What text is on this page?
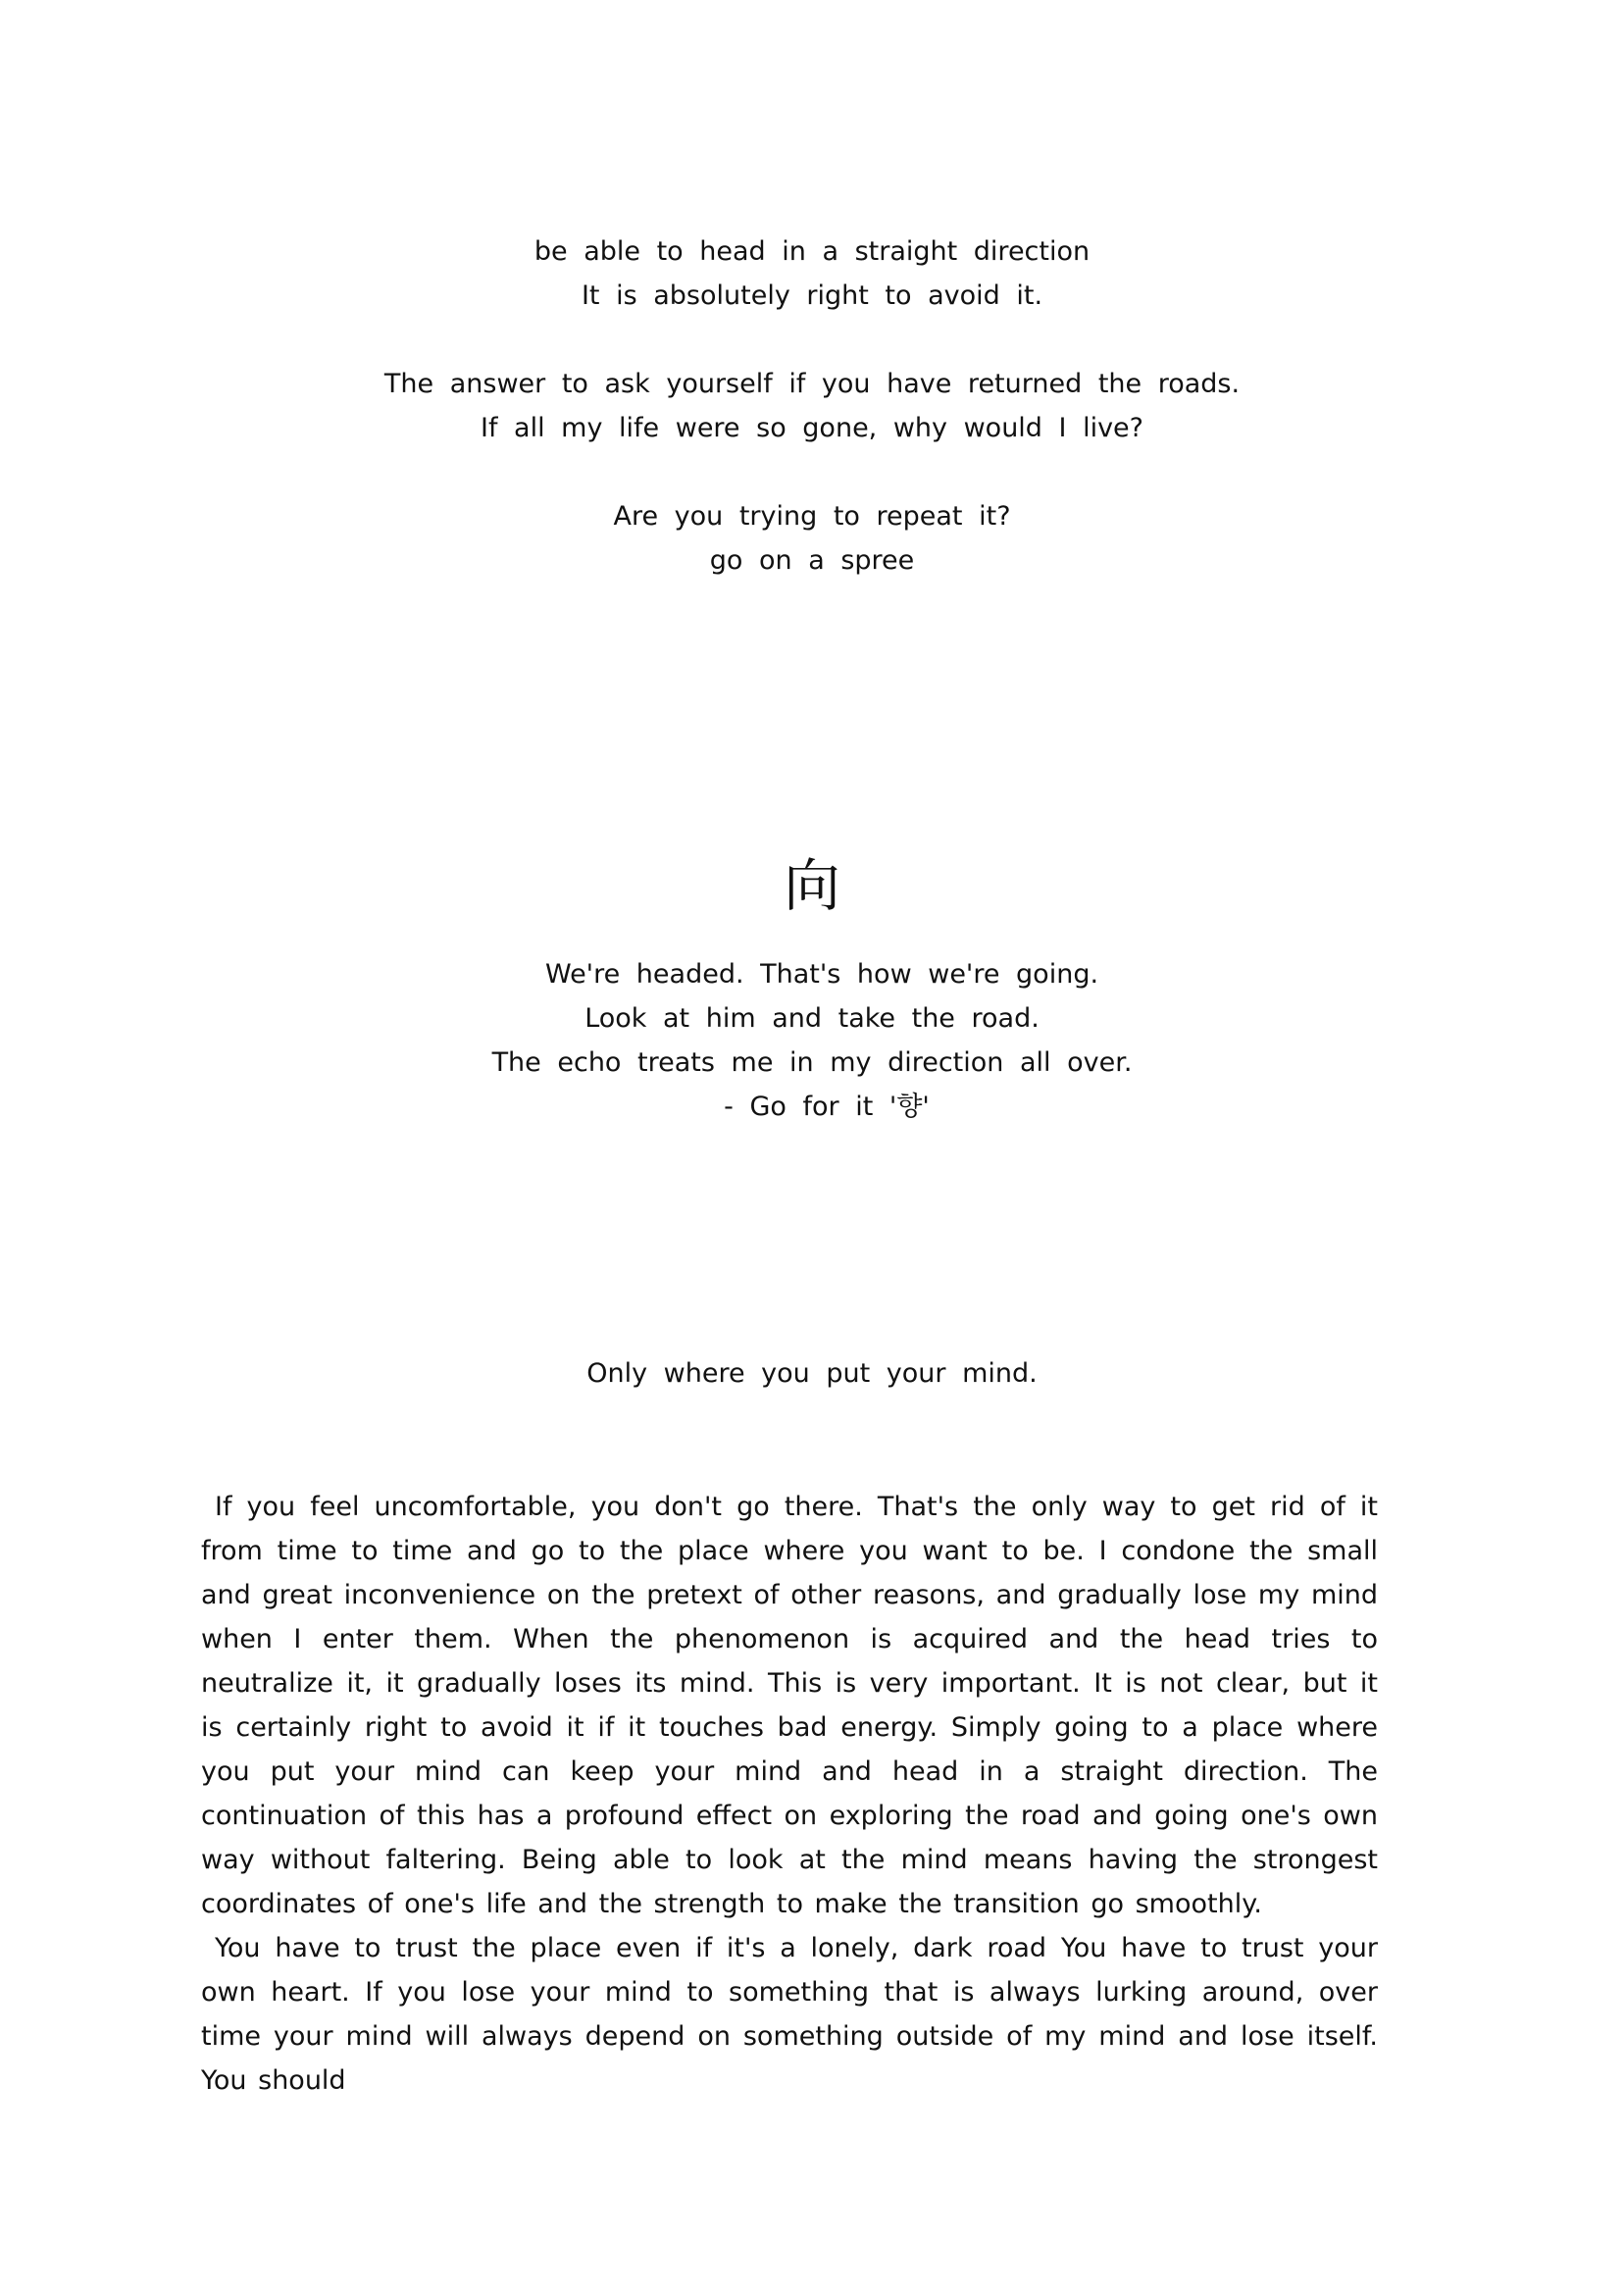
be able to head in a straight direction
It is absolutely right to avoid it.
The answer to ask yourself if you have returned the roads.
If all my life were so gone, why would I live?
Are you trying to repeat it?
go on a spree
向
We're headed. That's how we're going.
Look at him and take the road.
The echo treats me in my direction all over.
- Go for it '향'
Only where you put your mind.

If you feel uncomfortable, you don't go there. That's the only way to get rid of it from time to time and go to the place where you want to be. I condone the small and great inconvenience on the pretext of other reasons, and gradually lose my mind when I enter them. When the phenomenon is acquired and the head tries to neutralize it, it gradually loses its mind. This is very important. It is not clear, but it is certainly right to avoid it if it touches bad energy. Simply going to a place where you put your mind can keep your mind and head in a straight direction. The continuation of this has a profound effect on exploring the road and going one's own way without faltering. Being able to look at the mind means having the strongest coordinates of one's life and the strength to make the transition go smoothly.

You have to trust the place even if it's a lonely, dark road You have to trust your own heart. If you lose your mind to something that is always lurking around, over time your mind will always depend on something outside of my mind and lose itself. You should
